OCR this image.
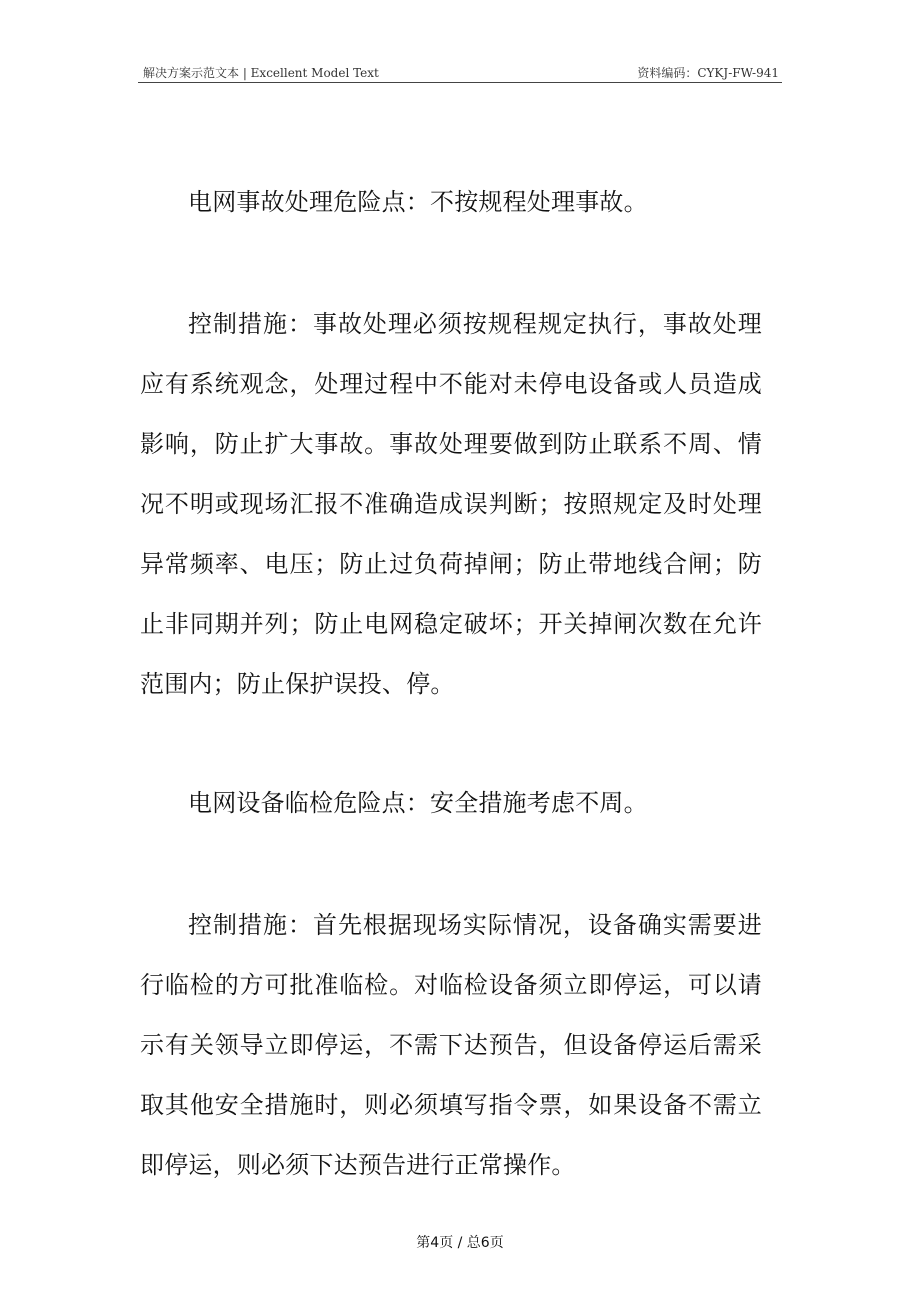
解决方案示范文本 | Excellent Model Text	资料编码：CYKJ-FW-941

电网事故处理危险点：不按规程处理事故。

控制措施：事故处理必须按规程规定执行，事故处理应有系统观念，处理过程中不能对未停电设备或人员造成影响，防止扩大事故。事故处理要做到防止联系不周、情况不明或现场汇报不准确造成误判断；按照规定及时处理异常频率、电压；防止过负荷掉闸；防止带地线合闸；防止非同期并列；防止电网稳定破坏；开关掉闸次数在允许范围内；防止保护误投、停。

电网设备临检危险点：安全措施考虑不周。

控制措施：首先根据现场实际情况，设备确实需要进行临检的方可批准临检。对临检设备须立即停运，可以请示有关领导立即停运，不需下达预告，但设备停运后需采取其他安全措施时，则必须填写指令票，如果设备不需立即停运，则必须下达预告进行正常操作。

第4页 / 总6页
